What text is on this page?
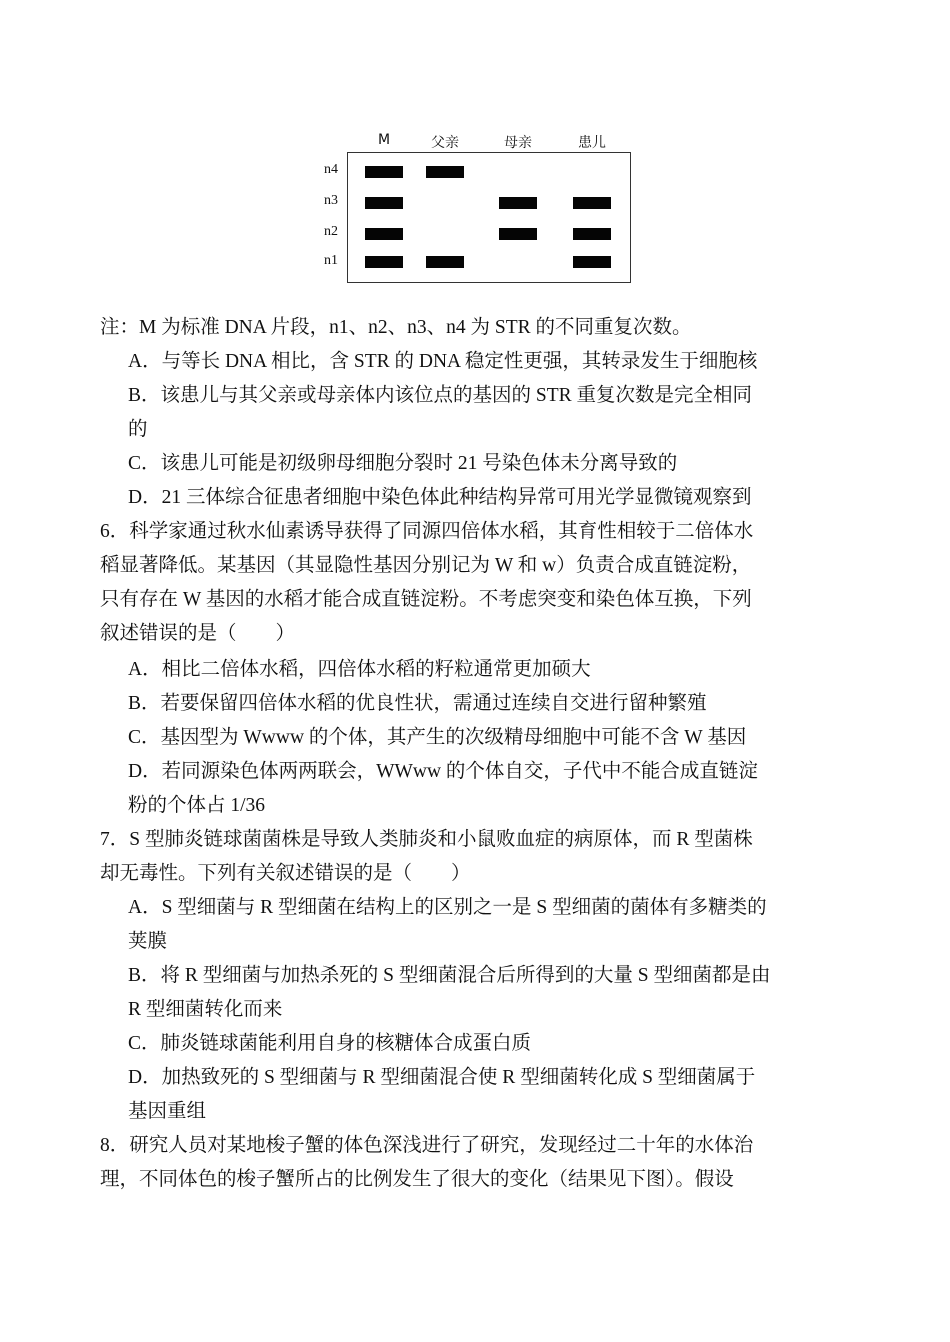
M	父亲	母亲	患儿
n4
n3
n2
n1
注：M 为标准 DNA 片段，n1、n2、n3、n4 为 STR 的不同重复次数。
A．与等长 DNA 相比，含 STR 的 DNA 稳定性更强，其转录发生于细胞核
B．该患儿与其父亲或母亲体内该位点的基因的 STR 重复次数是完全相同
的
C．该患儿可能是初级卵母细胞分裂时 21 号染色体未分离导致的
D．21 三体综合征患者细胞中染色体此种结构异常可用光学显微镜观察到
6．科学家通过秋水仙素诱导获得了同源四倍体水稻，其育性相较于二倍体水
稻显著降低。某基因（其显隐性基因分别记为 W 和 w）负责合成直链淀粉，
只有存在 W 基因的水稻才能合成直链淀粉。不考虑突变和染色体互换，下列
叙述错误的是（　　）
A．相比二倍体水稻，四倍体水稻的籽粒通常更加硕大
B．若要保留四倍体水稻的优良性状，需通过连续自交进行留种繁殖
C．基因型为 Wwww 的个体，其产生的次级精母细胞中可能不含 W 基因
D．若同源染色体两两联会，WWww 的个体自交，子代中不能合成直链淀
粉的个体占 1/36
7．S 型肺炎链球菌菌株是导致人类肺炎和小鼠败血症的病原体，而 R 型菌株
却无毒性。下列有关叙述错误的是（　　）
A．S 型细菌与 R 型细菌在结构上的区别之一是 S 型细菌的菌体有多糖类的
荚膜
B．将 R 型细菌与加热杀死的 S 型细菌混合后所得到的大量 S 型细菌都是由
R 型细菌转化而来
C．肺炎链球菌能利用自身的核糖体合成蛋白质
D．加热致死的 S 型细菌与 R 型细菌混合使 R 型细菌转化成 S 型细菌属于
基因重组
8．研究人员对某地梭子蟹的体色深浅进行了研究，发现经过二十年的水体治
理，不同体色的梭子蟹所占的比例发生了很大的变化（结果见下图）。假设
